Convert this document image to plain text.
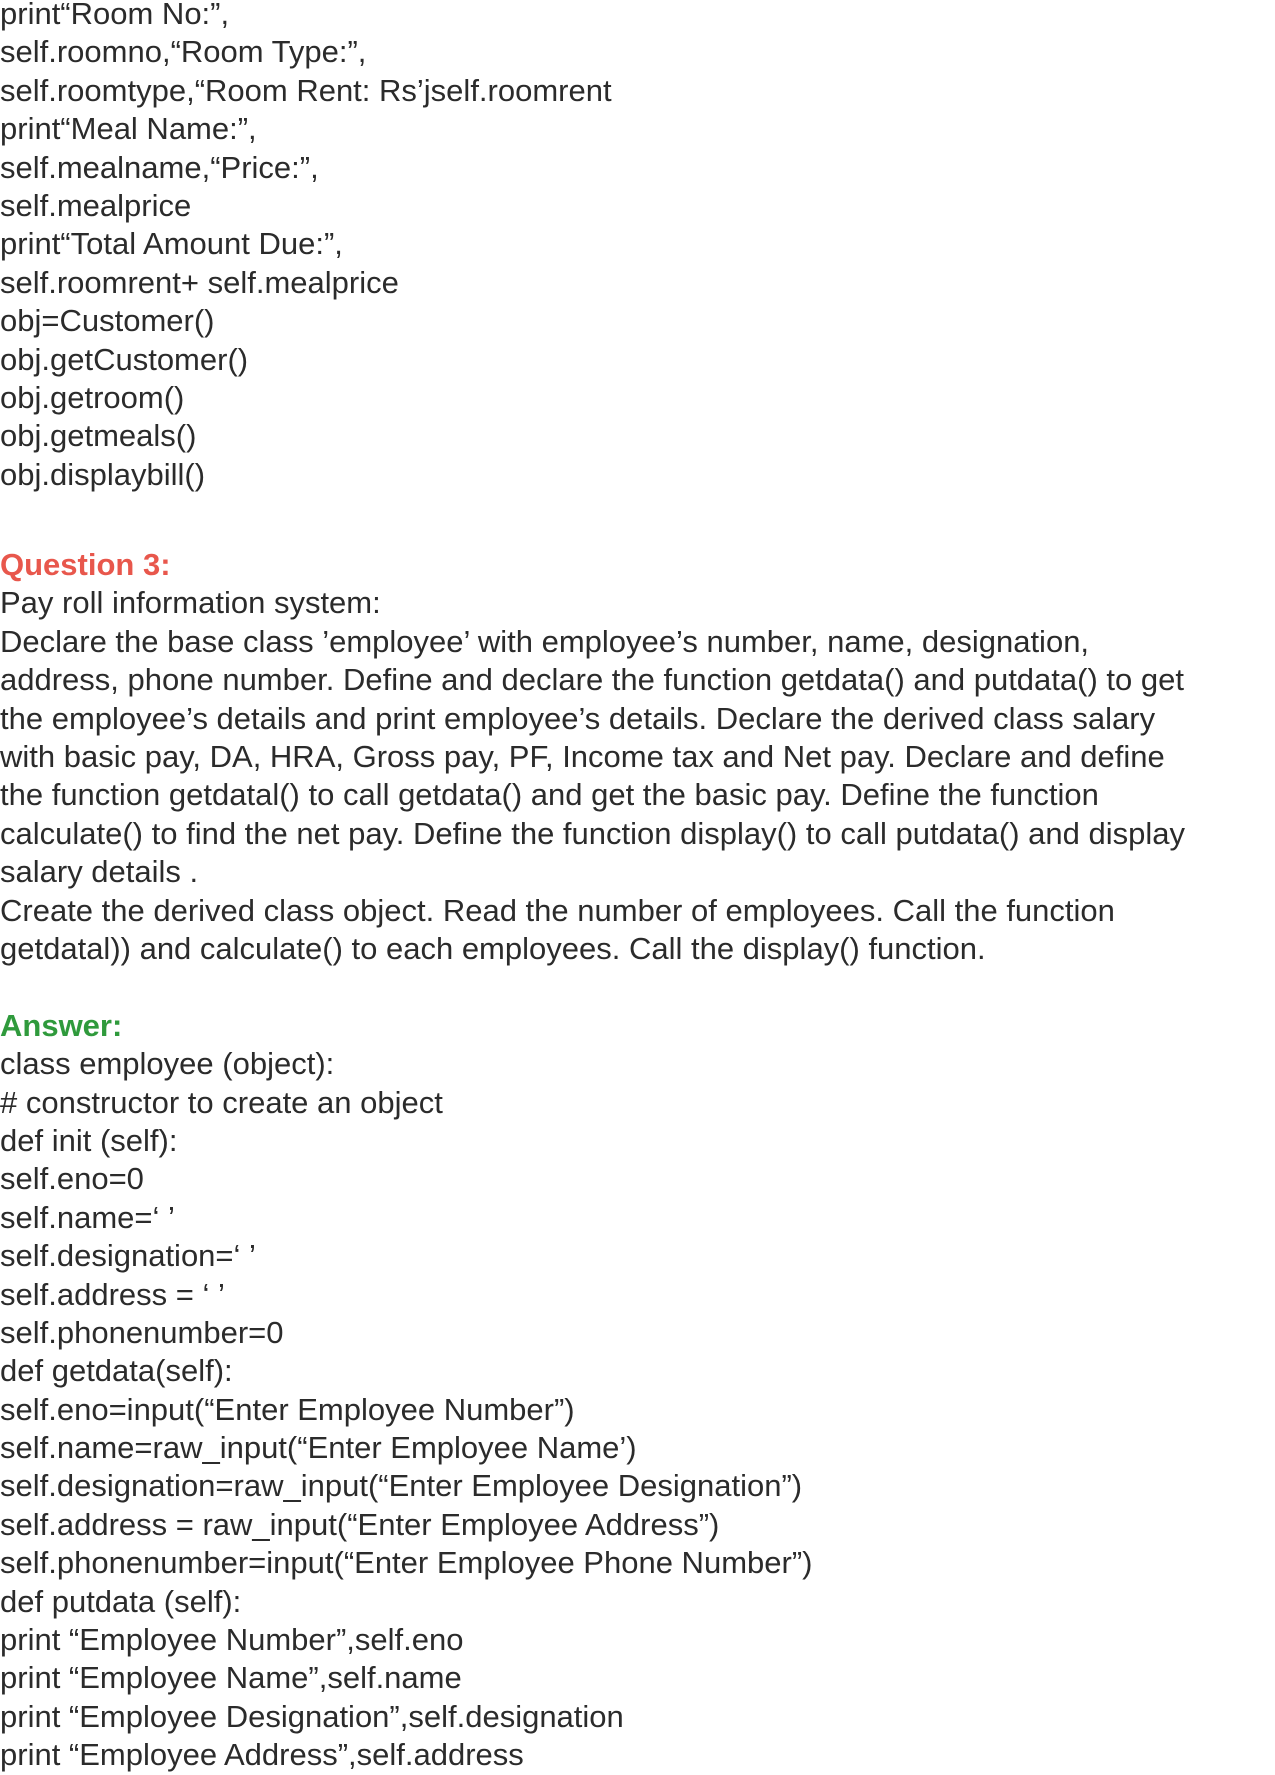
print“Room No:”,
self.roomno,“Room Type:”,
self.roomtype,“Room Rent: Rs’jself.roomrent
print“Meal Name:”,
self.mealname,“Price:”,
self.mealprice
print“Total Amount Due:”,
self.roomrent+ self.mealprice
obj=Customer()
obj.getCustomer()
obj.getroom()
obj.getmeals()
obj.displaybill()
Question 3:
Pay roll information system:
Declare the base class ’employee’ with employee’s number, name, designation,
address, phone number. Define and declare the function getdata() and putdata() to get
the employee’s details and print employee’s details. Declare the derived class salary
with basic pay, DA, HRA, Gross pay, PF, Income tax and Net pay. Declare and define
the function getdatal() to call getdata() and get the basic pay. Define the function
calculate() to find the net pay. Define the function display() to call putdata() and display
salary details .
Create the derived class object. Read the number of employees. Call the function
getdatal)) and calculate() to each employees. Call the display() function.
Answer:
class employee (object):
# constructor to create an object
def init (self):
self.eno=0
self.name=‘ ’
self.designation=‘ ’
self.address = ‘ ’
self.phonenumber=0
def getdata(self):
self.eno=input(“Enter Employee Number”)
self.name=raw_input(“Enter Employee Name’)
self.designation=raw_input(“Enter Employee Designation”)
self.address = raw_input(“Enter Employee Address”)
self.phonenumber=input(“Enter Employee Phone Number”)
def putdata (self):
print “Employee Number”,self.eno
print “Employee Name”,self.name
print “Employee Designation”,self.designation
print “Employee Address”,self.address
